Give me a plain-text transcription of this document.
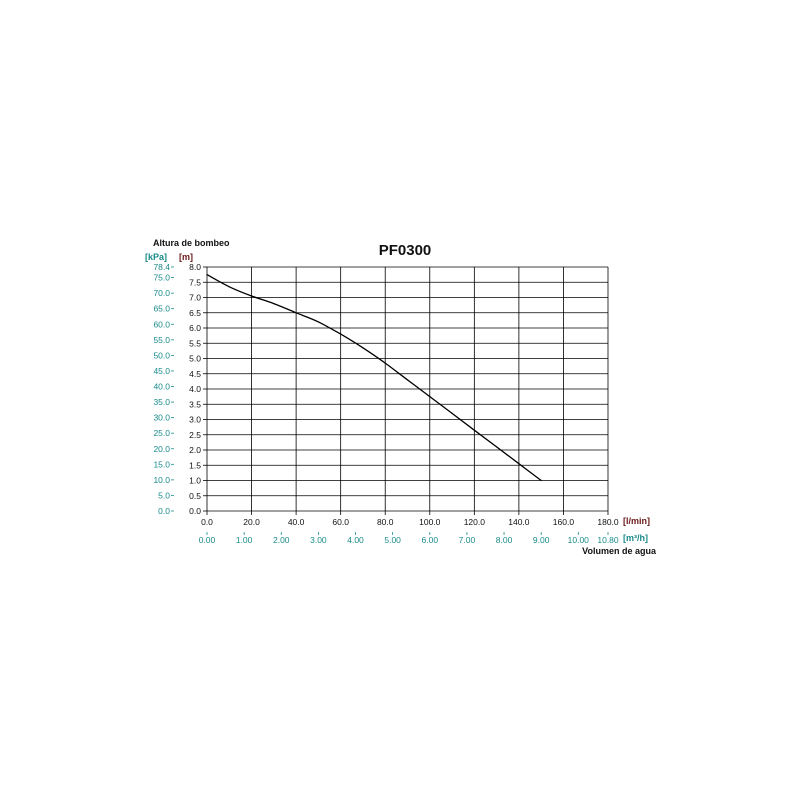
PF0300
Altura de bombeo
[kPa] [m]
[l/min]
[m³/h]
Volumen de agua
0.0
0.5
1.0
1.5
2.0
2.5
3.0
3.5
4.0
4.5
5.0
5.5
6.0
6.5
7.0
7.5
8.0
0.0
5.0
10.0
15.0
20.0
25.0
30.0
35.0
40.0
45.0
50.0
55.0
60.0
65.0
70.0
75.0
78.4
0.0	20.0	40.0	60.0	80.0	100.0	120.0	140.0	160.0	180.0
0.00 1.00 2.00 3.00 4.00 5.00 6.00 7.00 8.00 9.00 10.00 10.80
